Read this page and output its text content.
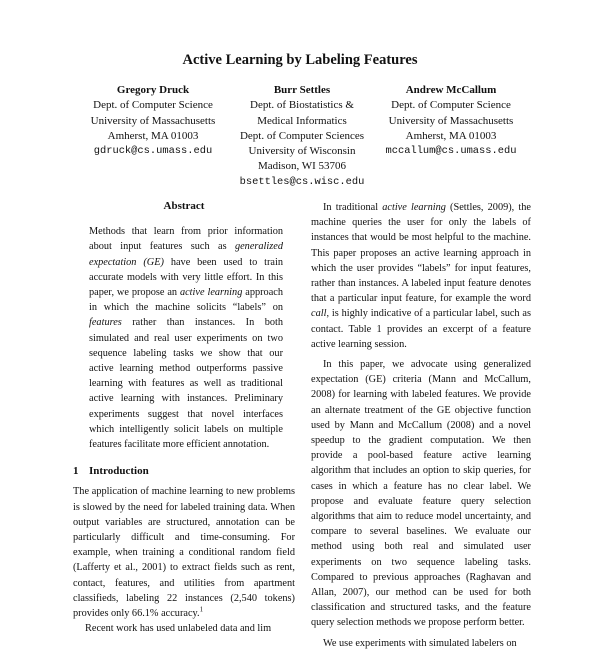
Active Learning by Labeling Features
Gregory Druck
Dept. of Computer Science
University of Massachusetts
Amherst, MA 01003
gdruck@cs.umass.edu
Burr Settles
Dept. of Biostatistics &
Medical Informatics
Dept. of Computer Sciences
University of Wisconsin
Madison, WI 53706
bsettles@cs.wisc.edu
Andrew McCallum
Dept. of Computer Science
University of Massachusetts
Amherst, MA 01003
mccallum@cs.umass.edu
Abstract

Methods that learn from prior information about input features such as generalized expectation (GE) have been used to train accurate models with very little effort. In this paper, we propose an active learning approach in which the machine solicits “labels” on features rather than instances. In both simulated and real user experiments on two sequence labeling tasks we show that our active learning method outperforms passive learning with features as well as traditional active learning with instances. Preliminary experiments suggest that novel interfaces which intelligently solicit labels on multiple features facilitate more efficient annotation.

1 Introduction

The application of machine learning to new problems is slowed by the need for labeled training data. When output variables are structured, annotation can be particularly difficult and time-consuming. For example, when training a conditional random field (Lafferty et al., 2001) to extract fields such as rent, contact, features, and utilities from apartment classifieds, labeling 22 instances (2,540 tokens) provides only 66.1% accuracy.$^1$

Recent work has used unlabeled data and lim

In traditional active learning (Settles, 2009), the machine queries the user for only the labels of instances that would be most helpful to the machine. This paper proposes an active learning approach in which the user provides “labels” for input features, rather than instances. A labeled input feature denotes that a particular input feature, for example the word call, is highly indicative of a particular label, such as contact. Table 1 provides an excerpt of a feature active learning session.

In this paper, we advocate using generalized expectation (GE) criteria (Mann and McCallum, 2008) for learning with labeled features. We provide an alternate treatment of the GE objective function used by Mann and McCallum (2008) and a novel speedup to the gradient computation. We then provide a pool-based feature active learning algorithm that includes an option to skip queries, for cases in which a feature has no clear label. We propose and evaluate feature query selection algorithms that aim to reduce model uncertainty, and compare to several baselines. We evaluate our method using both real and simulated user experiments on two sequence labeling tasks. Compared to previous approaches (Raghavan and Allan, 2007), our method can be used for both classification and structured tasks, and the feature query selection methods we propose perform better.

We use experiments with simulated labelers on
